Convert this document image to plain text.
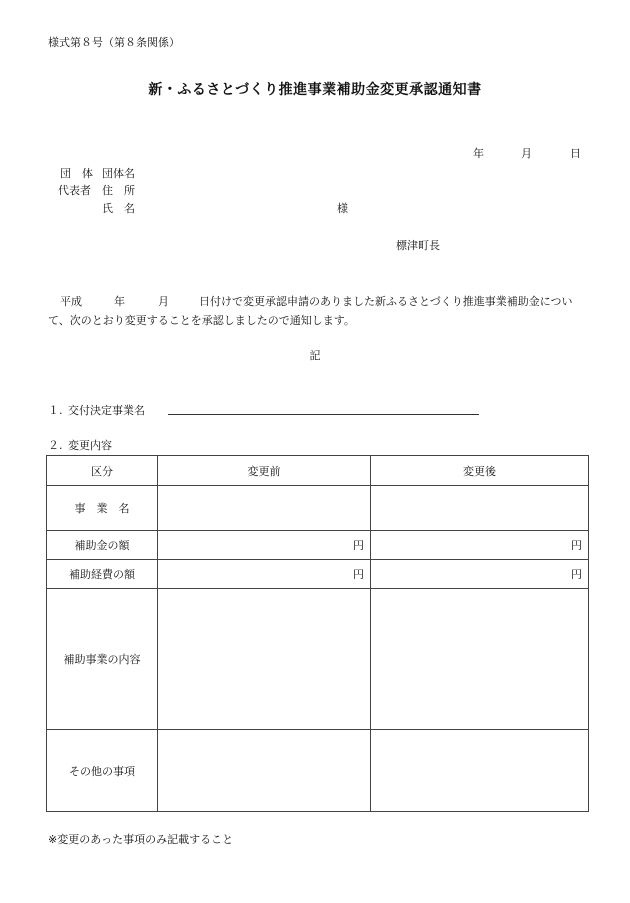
様式第８号（第８条関係）
新・ふるさとづくり推進事業補助金変更承認通知書
年	月	日
団　体 団体名
代表者 住　所
氏　名	様
標津町長
平成	年	月	日付けで変更承認申請のありました新ふるさとづくり推進事業補助金につい
て、次のとおり変更することを承認しましたので通知します。
記
１. 交付決定事業名
２. 変更内容
区分	変更前	変更後
事　業　名		
補助金の額	円	円
補助経費の額	円	円
補助事業の内容		
その他の事項		
※変更のあった事項のみ記載すること
